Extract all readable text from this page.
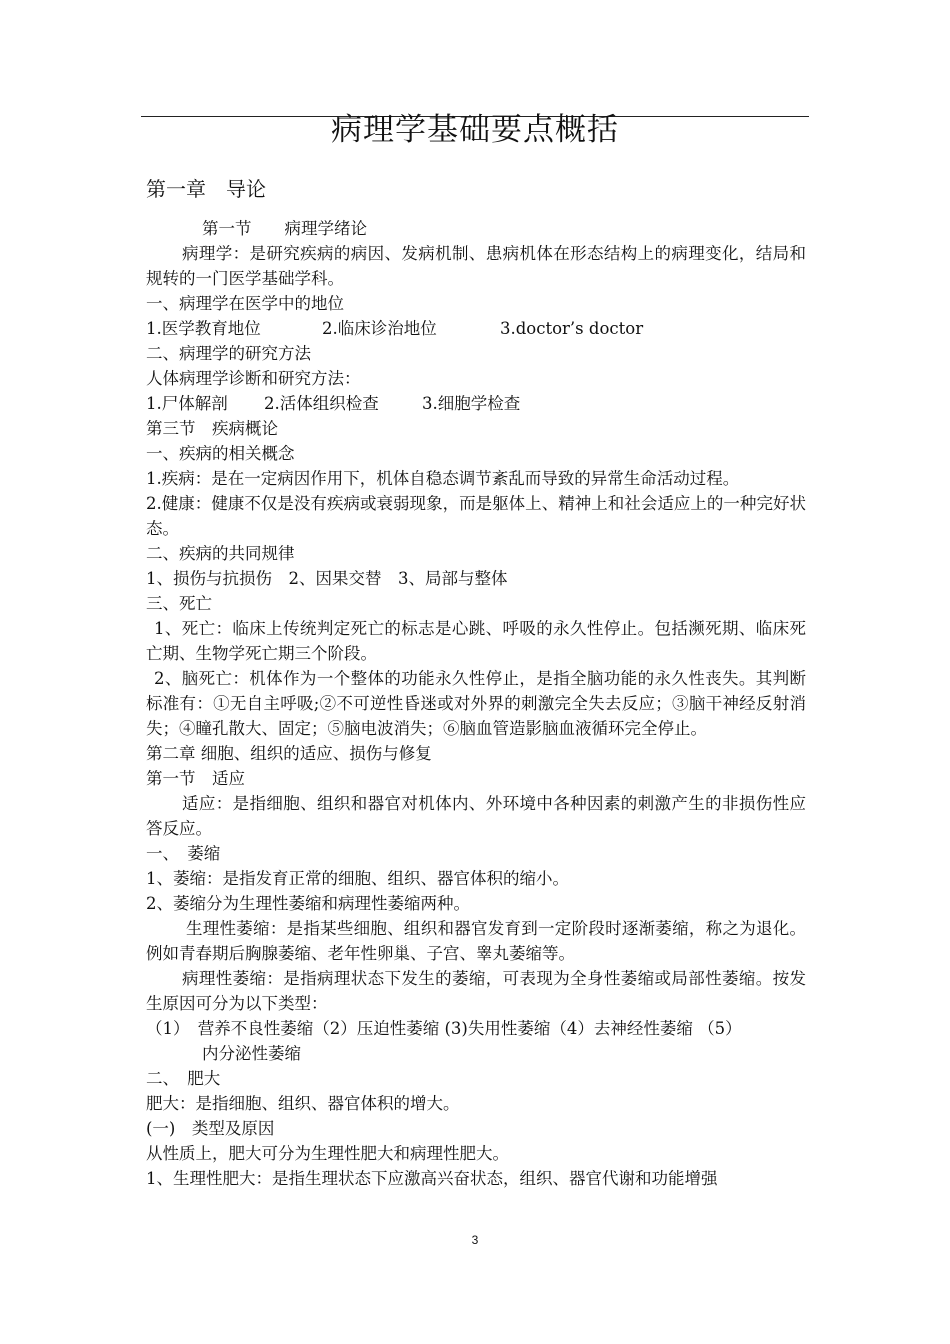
病理学基础要点概括
第一章　导论

第一节　　病理学绪论

病理学：是研究疾病的病因、发病机制、患病机体在形态结构上的病理变化，结局和规转的一门医学基础学科。

一、病理学在医学中的地位

1.医学教育地位	2.临床诊治地位	3.doctor’s doctor

二、病理学的研究方法

人体病理学诊断和研究方法：

1.尸体解剖 2.活体组织检查	3.细胞学检查

第三节　疾病概论

一、疾病的相关概念

1.疾病：是在一定病因作用下，机体自稳态调节紊乱而导致的异常生命活动过程。

2.健康：健康不仅是没有疾病或衰弱现象，而是躯体上、精神上和社会适应上的一种完好状态。

二、疾病的共同规律

1、损伤与抗损伤　2、因果交替　3、局部与整体

三、死亡

1、死亡：临床上传统判定死亡的标志是心跳、呼吸的永久性停止。包括濒死期、临床死亡期、生物学死亡期三个阶段。

2、脑死亡：机体作为一个整体的功能永久性停止，是指全脑功能的永久性丧失。其判断标准有：①无自主呼吸;②不可逆性昏迷或对外界的刺激完全失去反应；③脑干神经反射消失；④瞳孔散大、固定；⑤脑电波消失；⑥脑血管造影脑血液循环完全停止。

第二章 细胞、组织的适应、损伤与修复

第一节　适应

适应：是指细胞、组织和器官对机体内、外环境中各种因素的刺激产生的非损伤性应答反应。

一、　萎缩

1、萎缩：是指发育正常的细胞、组织、器官体积的缩小。

2、萎缩分为生理性萎缩和病理性萎缩两种。

生理性萎缩：是指某些细胞、组织和器官发育到一定阶段时逐渐萎缩，称之为退化。例如青春期后胸腺萎缩、老年性卵巢、子宫、睾丸萎缩等。

病理性萎缩：是指病理状态下发生的萎缩，可表现为全身性萎缩或局部性萎缩。按发生原因可分为以下类型：

（1）　营养不良性萎缩（2）压迫性萎缩 (3)失用性萎缩（4）去神经性萎缩 （5）

内分泌性萎缩

二、　肥大

肥大：是指细胞、组织、器官体积的增大。

(一)　类型及原因

从性质上，肥大可分为生理性肥大和病理性肥大。

1、生理性肥大：是指生理状态下应激高兴奋状态，组织、器官代谢和功能增强

3
